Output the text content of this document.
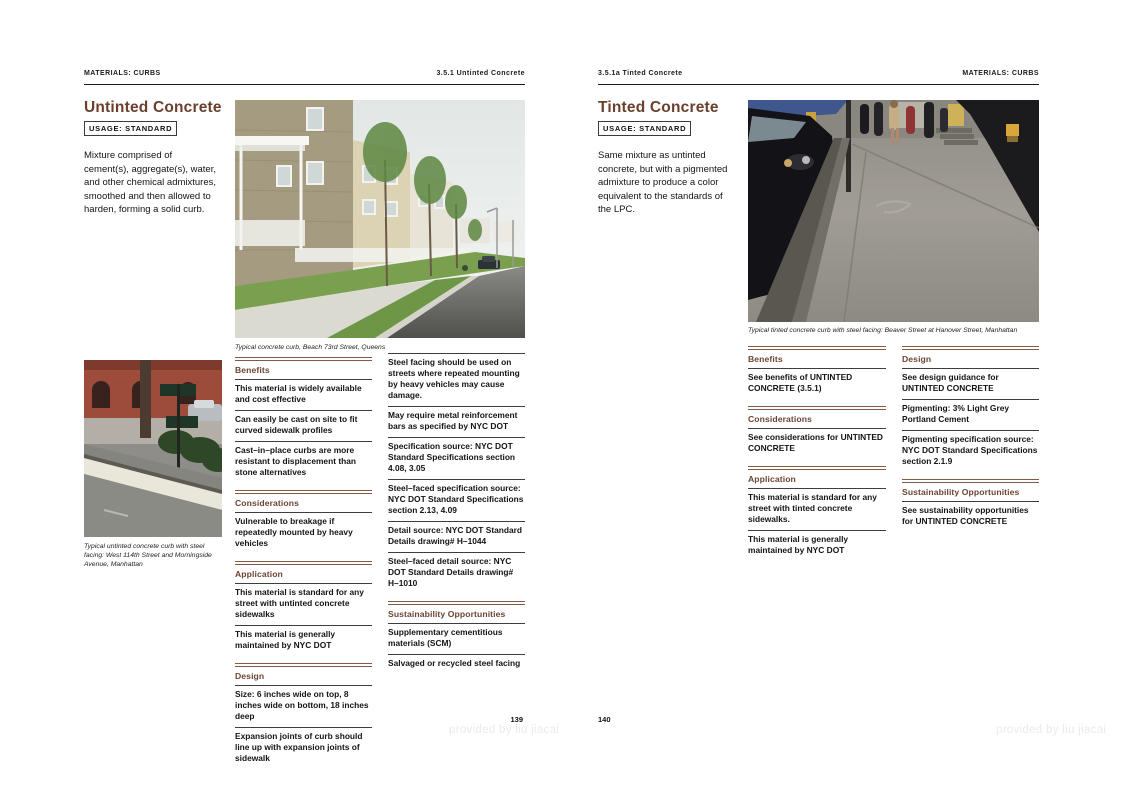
MATERIALS: CURBS	3.5.1 Untinted Concrete
Untinted Concrete
USAGE: STANDARD
Mixture comprised of cement(s), aggregate(s), water, and other chemical admixtures, smoothed and then allowed to harden, forming a solid curb.
Typical concrete curb, Beach 73rd Street, Queens
Typical untinted concrete curb with steel facing: West 114th Street and Morningside Avenue, Manhattan
Benefits
This material is widely available and cost effective
Can easily be cast on site to fit curved sidewalk profiles
Cast–in–place curbs are more resistant to displacement than stone alternatives
Considerations
Vulnerable to breakage if repeatedly mounted by heavy vehicles
Application
This material is standard for any street with untinted concrete sidewalks
This material is generally maintained by NYC DOT
Design
Size: 6 inches wide on top, 8 inches wide on bottom, 18 inches deep
Expansion joints of curb should line up with expansion joints of sidewalk
Steel facing should be used on streets where repeated mounting by heavy vehicles may cause damage.
May require metal reinforcement bars as specified by NYC DOT
Specification source: NYC DOT Standard Specifications section 4.08, 3.05
Steel–faced specification source: NYC DOT Standard Specifications section 2.13, 4.09
Detail source: NYC DOT Standard Details drawing# H–1044
Steel–faced detail source: NYC DOT Standard Details drawing# H–1010
Sustainability Opportunities
Supplementary cementitious materials (SCM)
Salvaged or recycled steel facing
139
3.5.1a Tinted Concrete	MATERIALS: CURBS
Tinted Concrete
USAGE: STANDARD
Same mixture as untinted concrete, but with a pigmented admixture to produce a color equivalent to the standards of the LPC.
Typical tinted concrete curb with steel facing: Beaver Street at Hanover Street, Manhattan
Benefits
See benefits of UNTINTED CONCRETE (3.5.1)
Considerations
See considerations for UNTINTED CONCRETE
Application
This material is standard for any street with tinted concrete sidewalks.
This material is generally maintained by NYC DOT
Design
See design guidance for UNTINTED CONCRETE
Pigmenting: 3% Light Grey Portland Cement
Pigmenting specification source: NYC DOT Standard Specifications section 2.1.9
Sustainability Opportunities
See sustainability opportunities for UNTINTED CONCRETE
140
provided by liu jiacai	provided by liu jiacai
